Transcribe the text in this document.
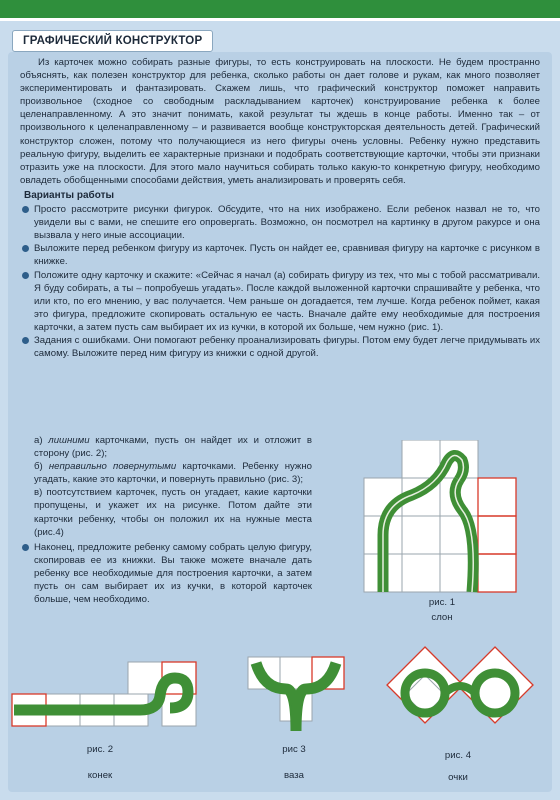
ГРАФИЧЕСКИЙ КОНСТРУКТОР

Из карточек можно собирать разные фигуры, то есть конструировать на плоскости. Не будем пространно объяснять, как полезен конструктор для ребенка, сколько работы он дает голове и рукам, как много позволяет экспериментировать и фантазировать. Скажем лишь, что графический конструктор поможет направить произвольное (сходное со свободным раскладыванием карточек) конструирование ребенка к более целенаправленному. А это значит понимать, какой результат ты ждешь в конце работы. Именно так – от произвольного к целенаправленному – и развивается вообще конструкторская деятельность детей. Графический конструктор сложен, потому что получающиеся из него фигуры очень условны. Ребенку нужно представить реальную фигуру, выделить ее характерные признаки и подобрать соответствующие карточки, чтобы эти признаки отразить уже на плоскости. Для этого мало научиться собирать только какую-то конкретную фигуру, необходимо овладеть обобщенными способами действия, уметь анализировать и проверять себя.

Варианты работы
Просто рассмотрите рисунки фигурок. Обсудите, что на них изображено. Если ребенок назвал не то, что увидели вы с вами, не спешите его опровергать. Возможно, он посмотрел на картинку в другом ракурсе и она вызвала у него иные ассоциации.
Выложите перед ребенком фигуру из карточек. Пусть он найдет ее, сравнивая фигуру на карточке с рисунком в книжке.
Положите одну карточку и скажите: «Сейчас я начал (а) собирать фигуру из тех, что мы с тобой рассматривали. Я буду собирать, а ты – попробуешь угадать». После каждой выложенной карточки спрашивайте у ребенка, что или кто, по его мнению, у вас получается. Чем раньше он догадается, тем лучше. Когда ребенок поймет, какая это фигура, предложите скопировать остальную ее часть. Вначале дайте ему необходимые для построения карточки, а затем пусть сам выбирает их из кучки, в которой их больше, чем нужно (рис. 1).
Задания с ошибками. Они помогают ребенку проанализировать фигуры. Потом ему будет легче придумывать их самому. Выложите перед ним фигуру из книжки с одной другой.

а) лишними карточками, пусть он найдет их и отложит в сторону (рис. 2);

б) неправильно повернутыми карточками. Ребенку нужно угадать, какие это карточки, и повернуть правильно (рис. 3);

в) поотсутствием карточек, пусть он угадает, какие карточки пропущены, и укажет их на рисунке. Потом дайте эти карточки ребенку, чтобы он положил их на нужные места (рис.4)

Наконец, предложите ребенку самому собрать целую фигуру, скопировав ее из книжки. Вы также можете вначале дать ребенку все необходимые для построения карточки, а затем пусть он сам выбирает их из кучки, в которой карточек больше, чем необходимо.	рис. 1
слон
рис. 2
конек
рис 3
ваза
рис. 4
очки
